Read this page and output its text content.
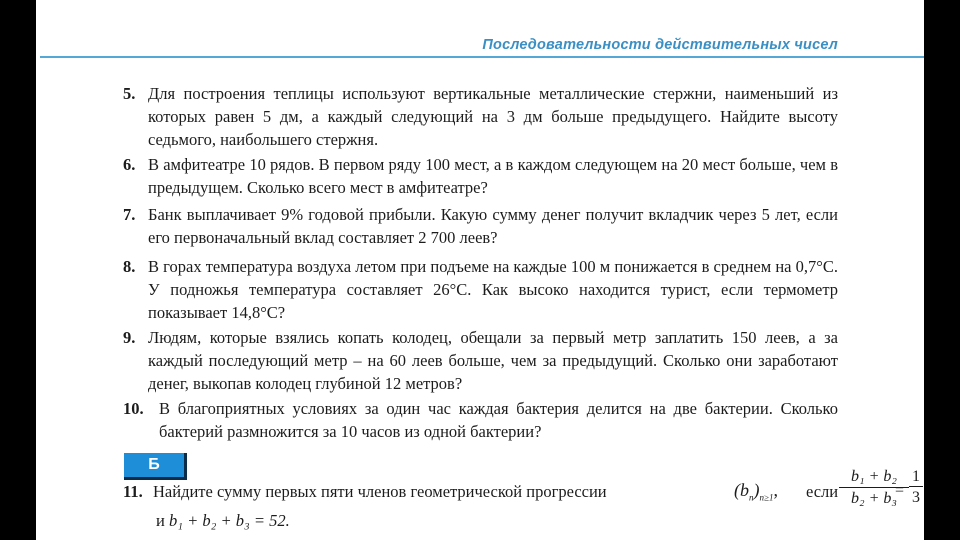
Последовательности действительных чисел
5. Для построения теплицы используют вертикальные металлические стержни, наименьший из которых равен 5 дм, а каждый следующий на 3 дм больше предыдущего. Найдите высоту седьмого, наибольшего стержня.
6. В амфитеатре 10 рядов. В первом ряду 100 мест, а в каждом следующем на 20 мест больше, чем в предыдущем. Сколько всего мест в амфитеатре?
7. Банк выплачивает 9% годовой прибыли. Какую сумму денег получит вкладчик через 5 лет, если его первоначальный вклад составляет 2 700 леев?
8. В горах температура воздуха летом при подъеме на каждые 100 м понижается в среднем на 0,7°C. У подножья температура составляет 26°C. Как высоко находится турист, если термометр показывает 14,8°C?
9. Людям, которые взялись копать колодец, обещали за первый метр заплатить 150 леев, а за каждый последующий метр – на 60 леев больше, чем за предыдущий. Сколько они заработают денег, выкопав колодец глубиной 12 метров?
10. В благоприятных условиях за один час каждая бактерия делится на две бактерии. Сколько бактерий размножится за 10 часов из одной бактерии?
Б
11. Найдите сумму первых пяти членов геометрической прогрессии	$(b_n)_{n\ge 1}$, если $\frac{\text{b₁ + b₂}}{\text{b₂ + b₃}}$
= $\frac{1}{3}$
и b₁ + b₂ + b₃ = 52.
